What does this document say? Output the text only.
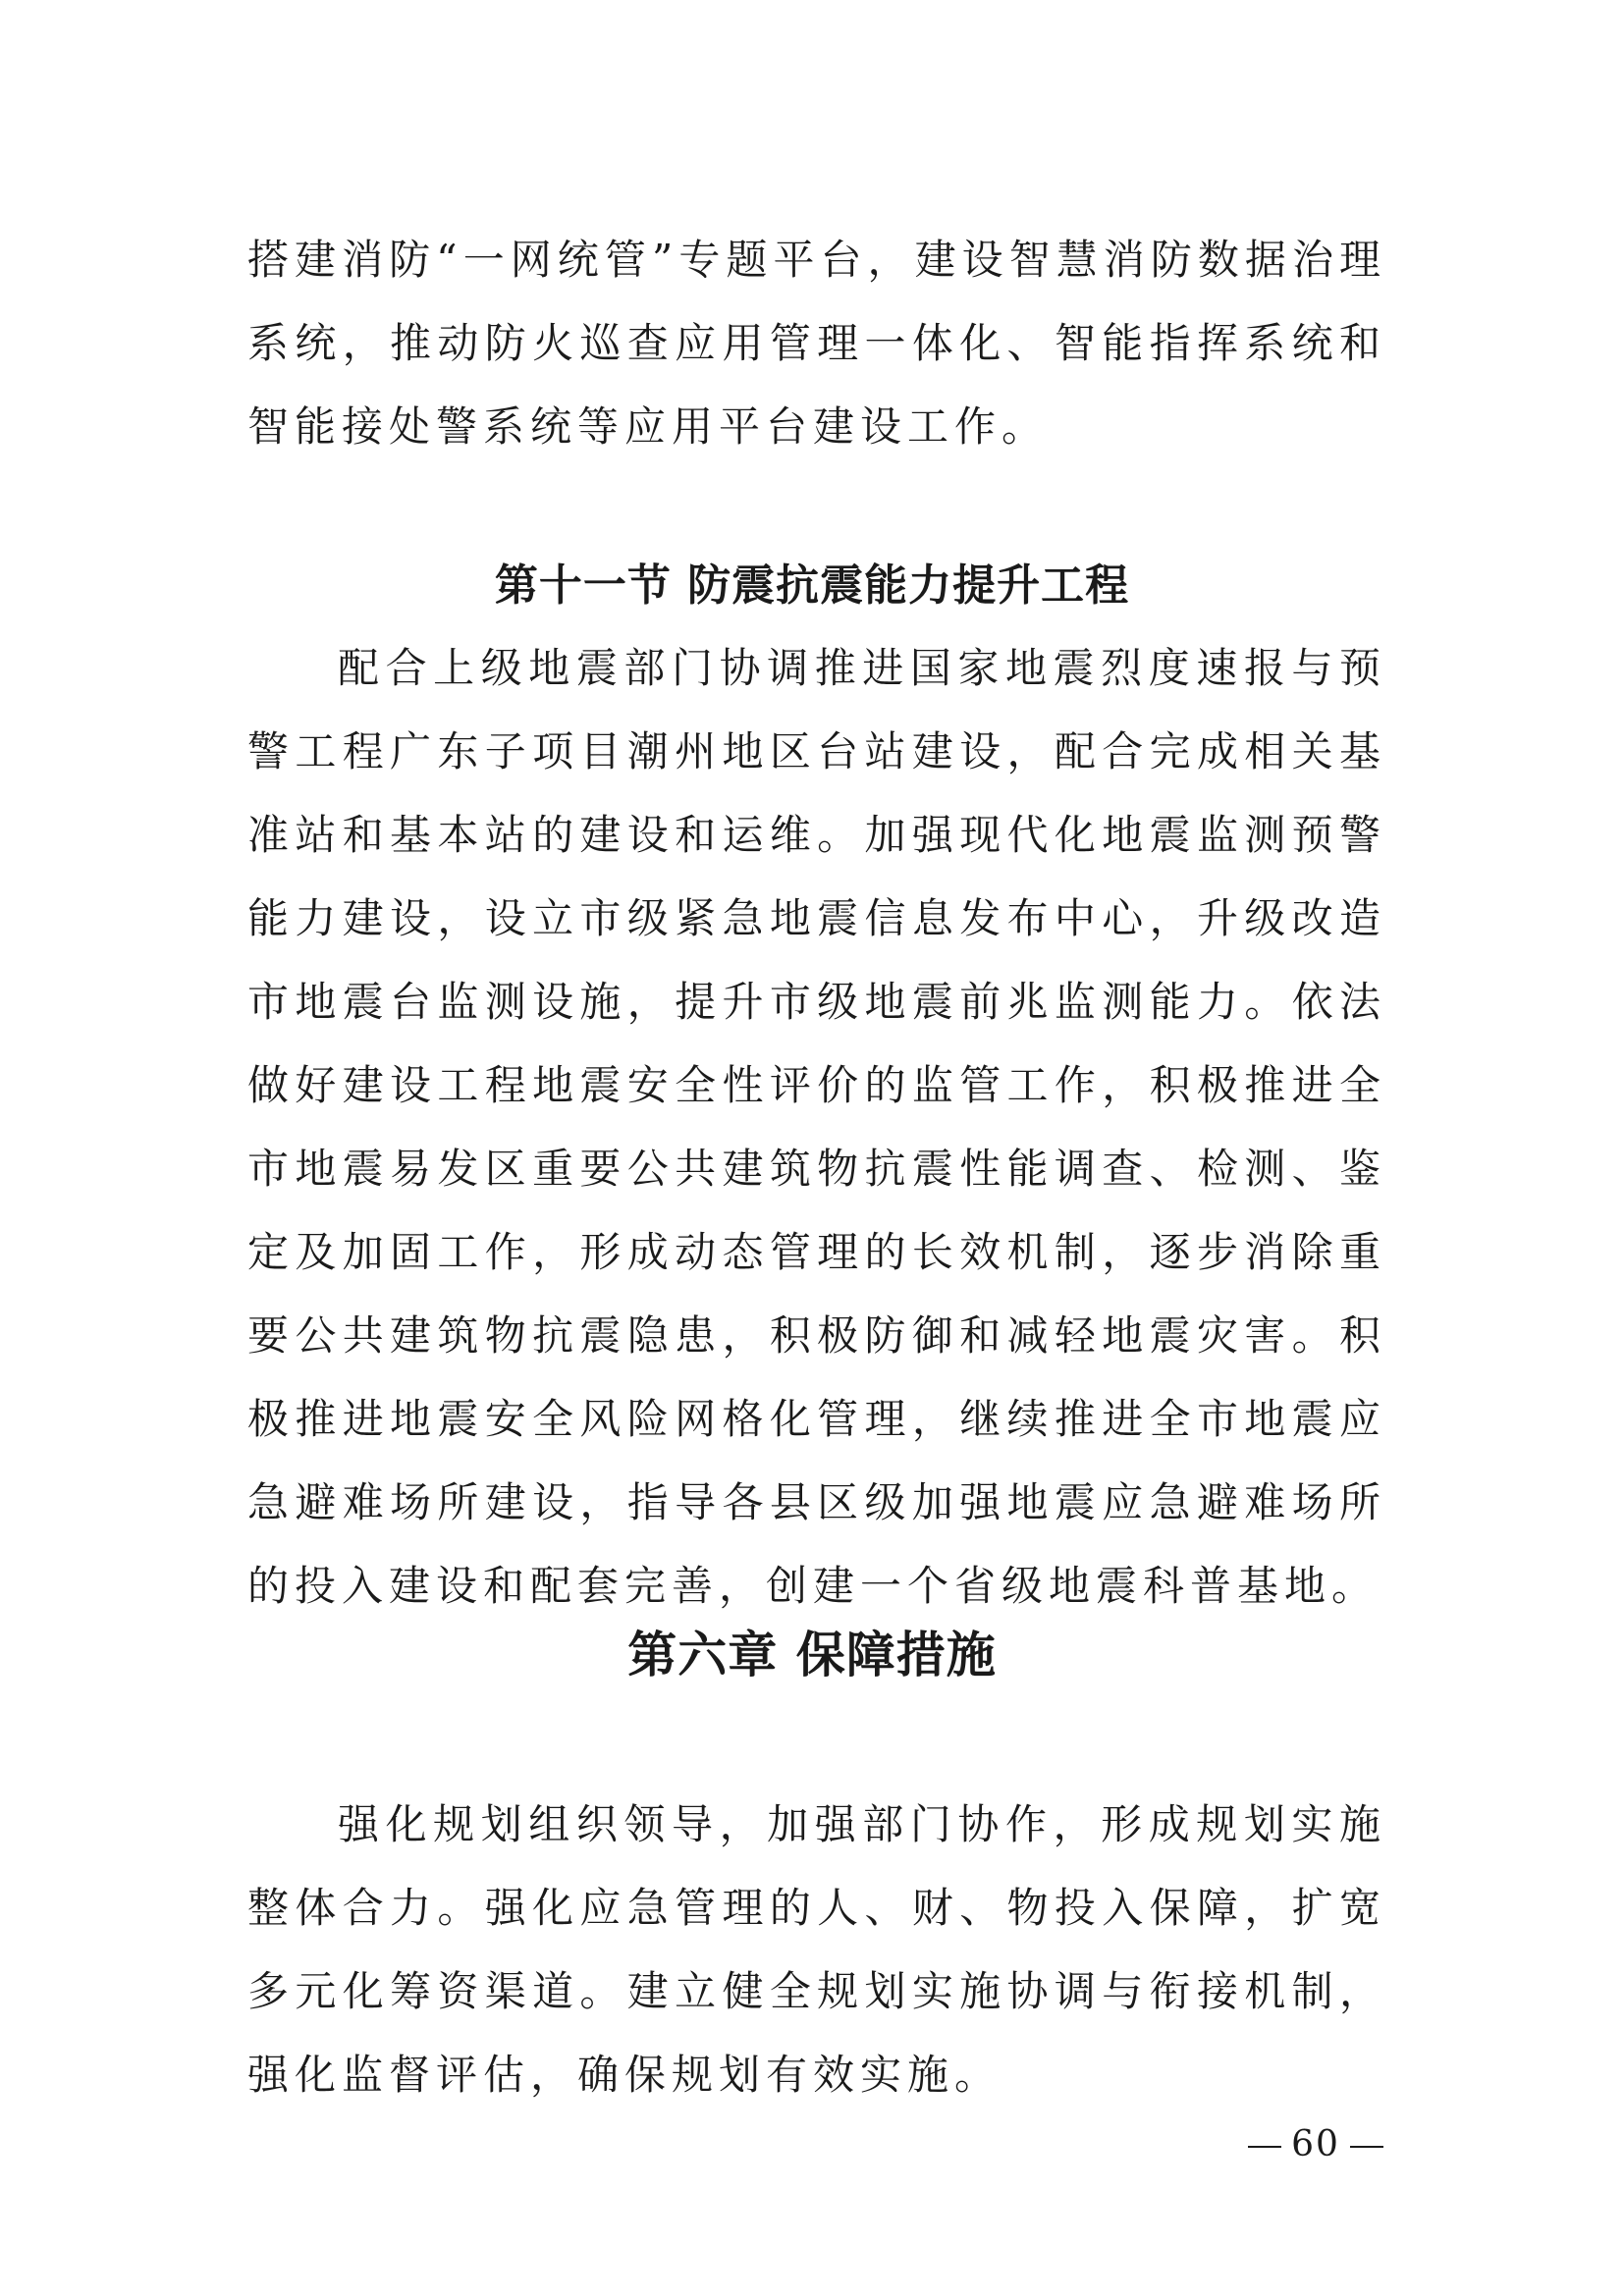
搭建消防“一网统管”专题平台，建设智慧消防数据治理系统，推动防火巡查应用管理一体化、智能指挥系统和智能接处警系统等应用平台建设工作。

第十一节 防震抗震能力提升工程

配合上级地震部门协调推进国家地震烈度速报与预警工程广东子项目潮州地区台站建设，配合完成相关基准站和基本站的建设和运维。加强现代化地震监测预警能力建设，设立市级紧急地震信息发布中心，升级改造市地震台监测设施，提升市级地震前兆监测能力。依法做好建设工程地震安全性评价的监管工作，积极推进全市地震易发区重要公共建筑物抗震性能调查、检测、鉴定及加固工作，形成动态管理的长效机制，逐步消除重要公共建筑物抗震隐患，积极防御和减轻地震灾害。积极推进地震安全风险网格化管理，继续推进全市地震应急避难场所建设，指导各县区级加强地震应急避难场所的投入建设和配套完善，创建一个省级地震科普基地。

第六章 保障措施

强化规划组织领导，加强部门协作，形成规划实施整体合力。强化应急管理的人、财、物投入保障，扩宽多元化筹资渠道。建立健全规划实施协调与衔接机制，强化监督评估，确保规划有效实施。

60
